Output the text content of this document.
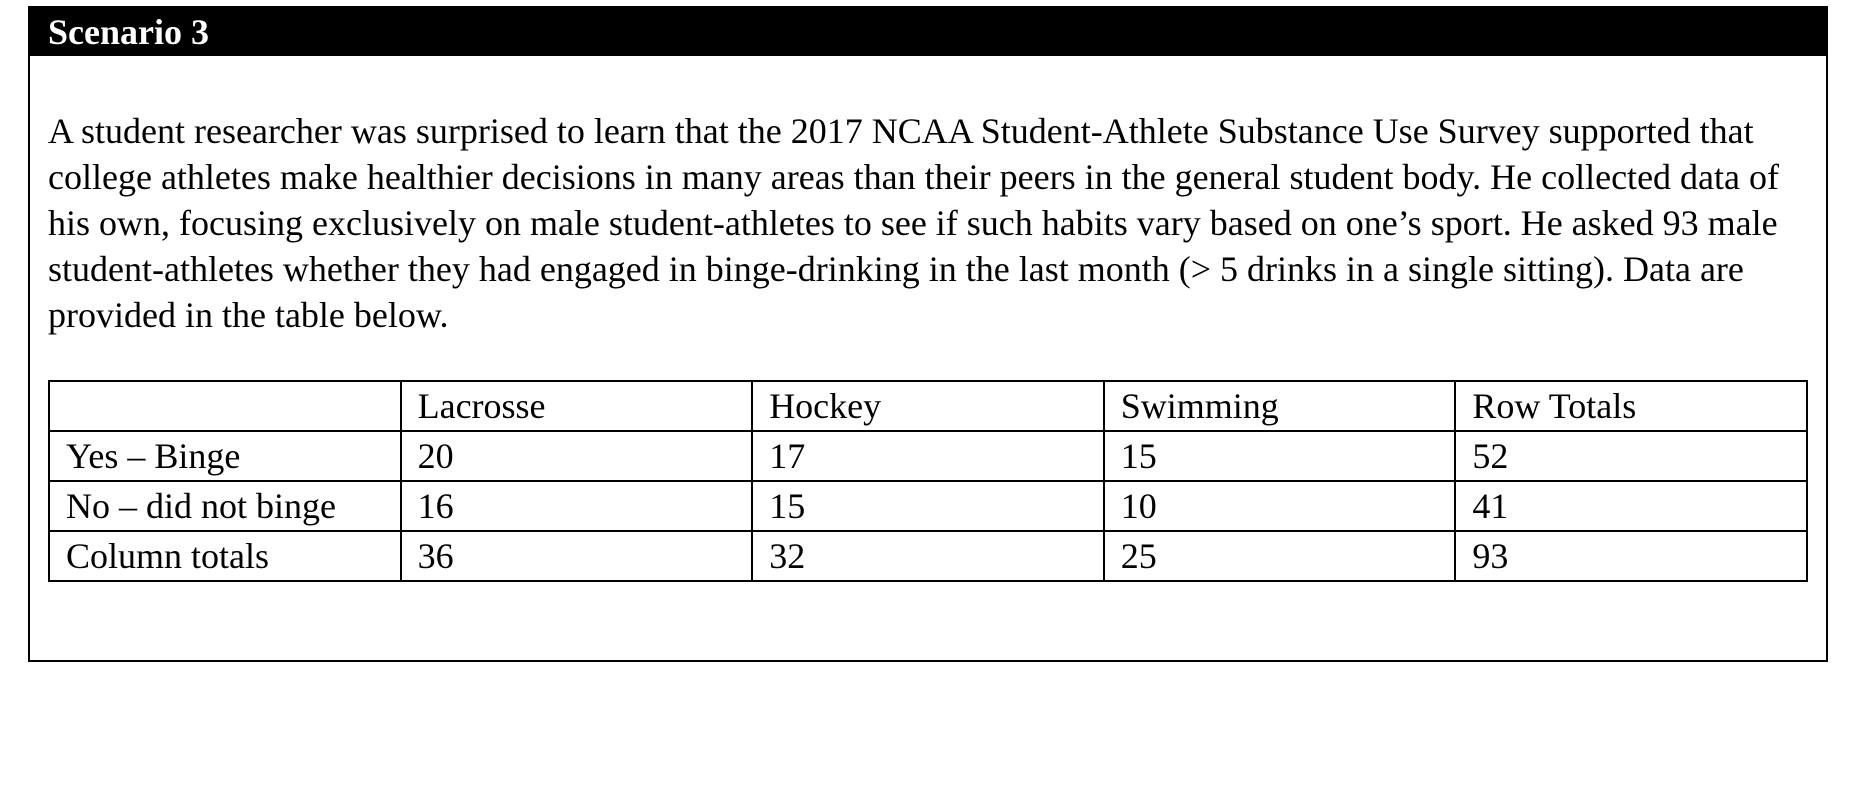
Scenario 3

A student researcher was surprised to learn that the 2017 NCAA Student-Athlete Substance Use Survey supported that college athletes make healthier decisions in many areas than their peers in the general student body. He collected data of his own, focusing exclusively on male student-athletes to see if such habits vary based on one’s sport. He asked 93 male student-athletes whether they had engaged in binge-drinking in the last month (> 5 drinks in a single sitting). Data are provided in the table below.

	Lacrosse	Hockey	Swimming	Row Totals
Yes – Binge	20	17	15	52
No – did not binge	16	15	10	41
Column totals	36	32	25	93
